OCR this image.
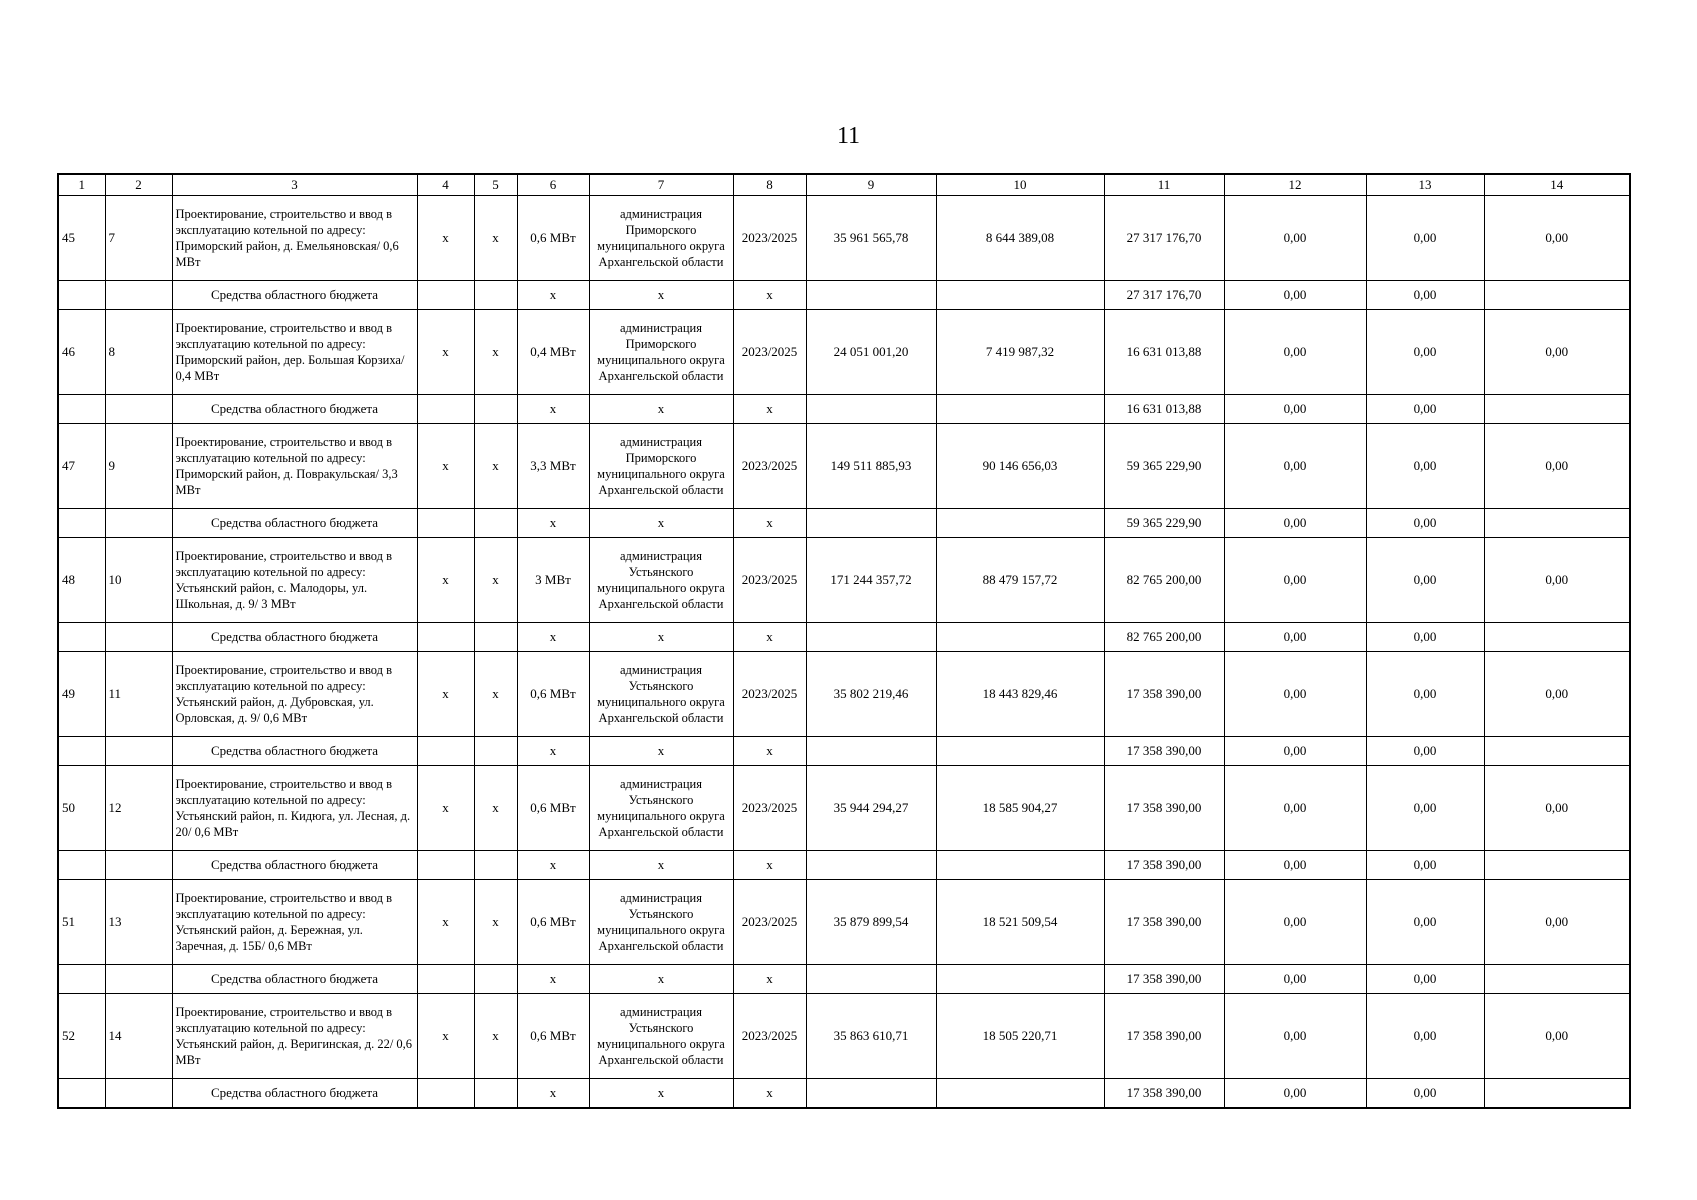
11
1	2	3	4	5	6	7	8	9	10	11	12	13	14
45	7	Проектирование, строительство и ввод в эксплуатацию котельной по адресу: Приморский район, д. Емельяновская/ 0,6 МВт	х	х	0,6 МВт	администрация Приморского муниципального округа Архангельской области	2023/2025	35 961 565,78	8 644 389,08	27 317 176,70	0,00	0,00	0,00
		Средства областного бюджета			х	х	х			27 317 176,70	0,00	0,00	
46	8	Проектирование, строительство и ввод в эксплуатацию котельной по адресу: Приморский район, дер. Большая Корзиха/ 0,4 МВт	х	х	0,4 МВт	администрация Приморского муниципального округа Архангельской области	2023/2025	24 051 001,20	7 419 987,32	16 631 013,88	0,00	0,00	0,00
		Средства областного бюджета			х	х	х			16 631 013,88	0,00	0,00	
47	9	Проектирование, строительство и ввод в эксплуатацию котельной по адресу: Приморский район, д. Повракульская/ 3,3 МВт	х	х	3,3 МВт	администрация Приморского муниципального округа Архангельской области	2023/2025	149 511 885,93	90 146 656,03	59 365 229,90	0,00	0,00	0,00
		Средства областного бюджета			х	х	х			59 365 229,90	0,00	0,00	
48	10	Проектирование, строительство и ввод в эксплуатацию котельной по адресу: Устьянский район, с. Малодоры, ул. Школьная, д. 9/ 3 МВт	х	х	3 МВт	администрация Устьянского муниципального округа Архангельской области	2023/2025	171 244 357,72	88 479 157,72	82 765 200,00	0,00	0,00	0,00
		Средства областного бюджета			х	х	х			82 765 200,00	0,00	0,00	
49	11	Проектирование, строительство и ввод в эксплуатацию котельной по адресу: Устьянский район, д. Дубровская, ул. Орловская, д. 9/ 0,6 МВт	х	х	0,6 МВт	администрация Устьянского муниципального округа Архангельской области	2023/2025	35 802 219,46	18 443 829,46	17 358 390,00	0,00	0,00	0,00
		Средства областного бюджета			х	х	х			17 358 390,00	0,00	0,00	
50	12	Проектирование, строительство и ввод в эксплуатацию котельной по адресу: Устьянский район, п. Кидюга, ул. Лесная, д. 20/ 0,6 МВт	х	х	0,6 МВт	администрация Устьянского муниципального округа Архангельской области	2023/2025	35 944 294,27	18 585 904,27	17 358 390,00	0,00	0,00	0,00
		Средства областного бюджета			х	х	х			17 358 390,00	0,00	0,00	
51	13	Проектирование, строительство и ввод в эксплуатацию котельной по адресу: Устьянский район, д. Бережная, ул. Заречная, д. 15Б/ 0,6 МВт	х	х	0,6 МВт	администрация Устьянского муниципального округа Архангельской области	2023/2025	35 879 899,54	18 521 509,54	17 358 390,00	0,00	0,00	0,00
		Средства областного бюджета			х	х	х			17 358 390,00	0,00	0,00	
52	14	Проектирование, строительство и ввод в эксплуатацию котельной по адресу: Устьянский район, д. Веригинская, д. 22/ 0,6 МВт	х	х	0,6 МВт	администрация Устьянского муниципального округа Архангельской области	2023/2025	35 863 610,71	18 505 220,71	17 358 390,00	0,00	0,00	0,00
		Средства областного бюджета			х	х	х			17 358 390,00	0,00	0,00	
